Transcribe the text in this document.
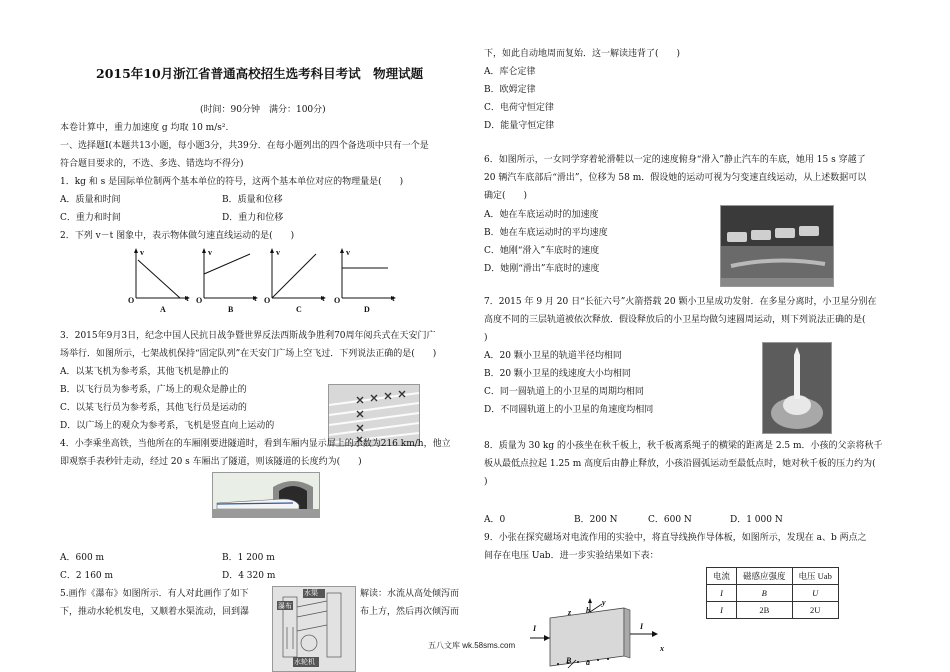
2015年10月浙江省普通高校招生选考科目考试　物理试题
(时间：90分钟　满分：100分)
本卷计算中，重力加速度 g 均取 10 m/s².
一、选择题Ⅰ(本题共13小题，每小题3分，共39分．在每小题列出的四个备选项中只有一个是
符合题目要求的，不选、多选、错选均不得分)
1．kg 和 s 是国际单位制两个基本单位的符号，这两个基本单位对应的物理量是(　　)
A．质量和时间	B．质量和位移
C．重力和时间	D．重力和位移
2．下列 v－t 图象中，表示物体做匀速直线运动的是(　　)
v
O	t
A
v
O	t
B
v
O	t
C
v
O	t
D
3．2015年9月3日，纪念中国人民抗日战争暨世界反法西斯战争胜利70周年阅兵式在天安门广
场举行．如图所示，七架战机保持“固定队列”在天安门广场上空飞过．下列说法正确的是(　　)
A．以某飞机为参考系，其他飞机是静止的
B．以飞行员为参考系，广场上的观众是静止的
C．以某飞行员为参考系，其他飞行员是运动的
D．以广场上的观众为参考系，飞机是竖直向上运动的
4．小李乘坐高铁，当他所在的车厢刚要进隧道时，看到车厢内显示屏上的示数为216 km/h，他立
即观察手表秒针走动，经过 20 s 车厢出了隧道，则该隧道的长度约为(　　)
A．600 m	B．1 200 m
C．2 160 m	D．4 320 m
5.画作《瀑布》如图所示．有人对此画作了如下
下，推动水轮机发电，又顺着水渠流动，回到瀑
解读：水流从高处倾泻而
布上方，然后再次倾泻而
水渠
瀑布
水轮机
下，如此自动地周而复始．这一解读违背了(　　)
A．库仑定律
B．欧姆定律
C．电荷守恒定律
D．能量守恒定律
6．如图所示，一女同学穿着轮滑鞋以一定的速度俯身“滑入”静止汽车的车底，她用 15 s 穿越了
20 辆汽车底部后“滑出”，位移为 58 m．假设她的运动可视为匀变速直线运动，从上述数据可以
确定(　　)
A．她在车底运动时的加速度
B．她在车底运动时的平均速度
C．她刚“滑入”车底时的速度
D．她刚“滑出”车底时的速度
7．2015 年 9 月 20 日“长征六号”火箭搭载 20 颗小卫星成功发射．在多星分离时，小卫星分别在
高度不同的三层轨道被依次释放．假设释放后的小卫星均做匀速圆周运动，则下列说法正确的是(
)
A．20 颗小卫星的轨道半径均相同
B．20 颗小卫星的线速度大小均相同
C．同一圆轨道上的小卫星的周期均相同
D．不同圆轨道上的小卫星的角速度均相同
8．质量为 30 kg 的小孩坐在秋千板上，秋千板离系绳子的横梁的距离是 2.5 m．小孩的父亲将秋千
板从最低点拉起 1.25 m 高度后由静止释放，小孩沿圆弧运动至最低点时，她对秋千板的压力约为(
)
A．0	B．200 N	C．600 N	D．1 000 N
9．小张在探究磁场对电流作用的实验中，将直导线换作导体板，如图所示，发现在 a、b 两点之
间存在电压 Uab．进一步实验结果如下表：
电流	磁感应强度	电压 Uab
I	B	U
I	2B	2U
b
y
a
I	I
B
x
z
五八文库 wk.58sms.com
